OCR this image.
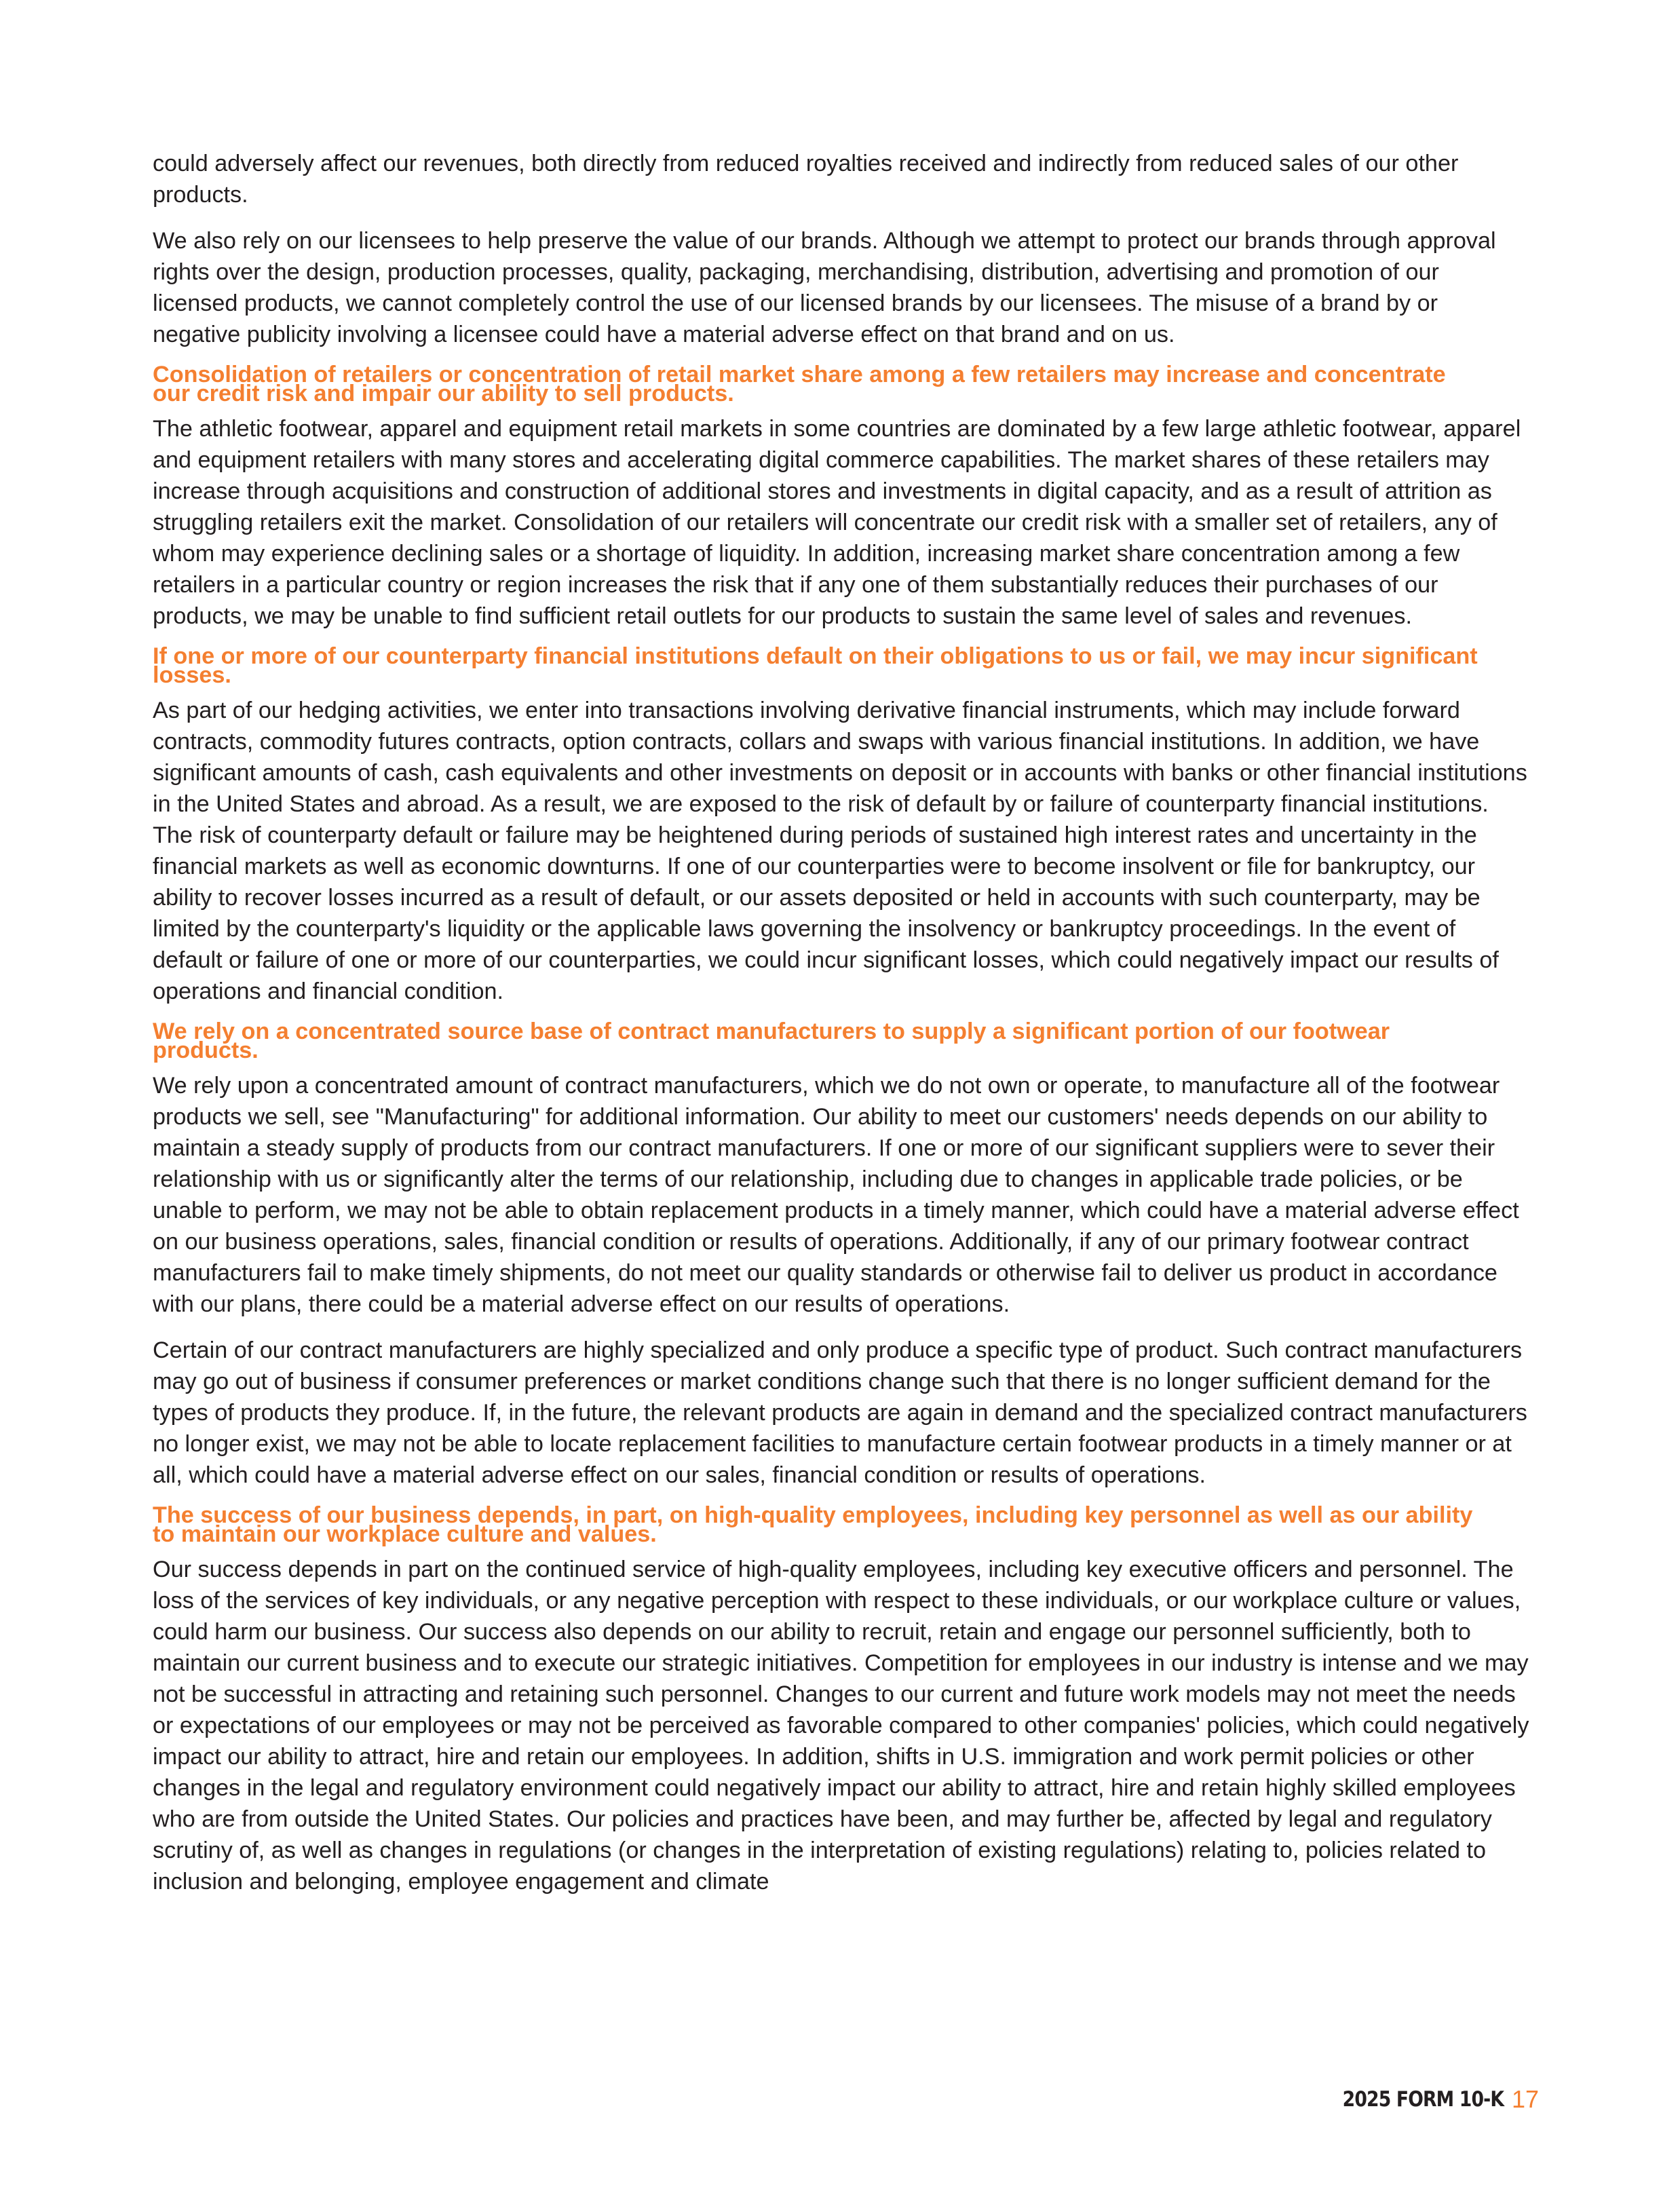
could adversely affect our revenues, both directly from reduced royalties received and indirectly from reduced sales of our other products.

We also rely on our licensees to help preserve the value of our brands. Although we attempt to protect our brands through approval rights over the design, production processes, quality, packaging, merchandising, distribution, advertising and promotion of our licensed products, we cannot completely control the use of our licensed brands by our licensees. The misuse of a brand by or negative publicity involving a licensee could have a material adverse effect on that brand and on us.

Consolidation of retailers or concentration of retail market share among a few retailers may increase and concentrate
our credit risk and impair our ability to sell products.

The athletic footwear, apparel and equipment retail markets in some countries are dominated by a few large athletic footwear, apparel and equipment retailers with many stores and accelerating digital commerce capabilities. The market shares of these retailers may increase through acquisitions and construction of additional stores and investments in digital capacity, and as a result of attrition as struggling retailers exit the market. Consolidation of our retailers will concentrate our credit risk with a smaller set of retailers, any of whom may experience declining sales or a shortage of liquidity. In addition, increasing market share concentration among a few retailers in a particular country or region increases the risk that if any one of them substantially reduces their purchases of our products, we may be unable to find sufficient retail outlets for our products to sustain the same level of sales and revenues.

If one or more of our counterparty financial institutions default on their obligations to us or fail, we may incur significant
losses.

As part of our hedging activities, we enter into transactions involving derivative financial instruments, which may include forward contracts, commodity futures contracts, option contracts, collars and swaps with various financial institutions. In addition, we have significant amounts of cash, cash equivalents and other investments on deposit or in accounts with banks or other financial institutions in the United States and abroad. As a result, we are exposed to the risk of default by or failure of counterparty financial institutions. The risk of counterparty default or failure may be heightened during periods of sustained high interest rates and uncertainty in the financial markets as well as economic downturns. If one of our counterparties were to become insolvent or file for bankruptcy, our ability to recover losses incurred as a result of default, or our assets deposited or held in accounts with such counterparty, may be limited by the counterparty's liquidity or the applicable laws governing the insolvency or bankruptcy proceedings. In the event of default or failure of one or more of our counterparties, we could incur significant losses, which could negatively impact our results of operations and financial condition.

We rely on a concentrated source base of contract manufacturers to supply a significant portion of our footwear
products.

We rely upon a concentrated amount of contract manufacturers, which we do not own or operate, to manufacture all of the footwear products we sell, see "Manufacturing" for additional information. Our ability to meet our customers' needs depends on our ability to maintain a steady supply of products from our contract manufacturers. If one or more of our significant suppliers were to sever their relationship with us or significantly alter the terms of our relationship, including due to changes in applicable trade policies, or be unable to perform, we may not be able to obtain replacement products in a timely manner, which could have a material adverse effect on our business operations, sales, financial condition or results of operations. Additionally, if any of our primary footwear contract manufacturers fail to make timely shipments, do not meet our quality standards or otherwise fail to deliver us product in accordance with our plans, there could be a material adverse effect on our results of operations.

Certain of our contract manufacturers are highly specialized and only produce a specific type of product. Such contract manufacturers may go out of business if consumer preferences or market conditions change such that there is no longer sufficient demand for the types of products they produce. If, in the future, the relevant products are again in demand and the specialized contract manufacturers no longer exist, we may not be able to locate replacement facilities to manufacture certain footwear products in a timely manner or at all, which could have a material adverse effect on our sales, financial condition or results of operations.

The success of our business depends, in part, on high-quality employees, including key personnel as well as our ability
to maintain our workplace culture and values.

Our success depends in part on the continued service of high-quality employees, including key executive officers and personnel. The loss of the services of key individuals, or any negative perception with respect to these individuals, or our workplace culture or values, could harm our business. Our success also depends on our ability to recruit, retain and engage our personnel sufficiently, both to maintain our current business and to execute our strategic initiatives. Competition for employees in our industry is intense and we may not be successful in attracting and retaining such personnel. Changes to our current and future work models may not meet the needs or expectations of our employees or may not be perceived as favorable compared to other companies' policies, which could negatively impact our ability to attract, hire and retain our employees. In addition, shifts in U.S. immigration and work permit policies or other changes in the legal and regulatory environment could negatively impact our ability to attract, hire and retain highly skilled employees who are from outside the United States. Our policies and practices have been, and may further be, affected by legal and regulatory scrutiny of, as well as changes in regulations (or changes in the interpretation of existing regulations) relating to, policies related to inclusion and belonging, employee engagement and climate

2025 FORM 10-K 17
